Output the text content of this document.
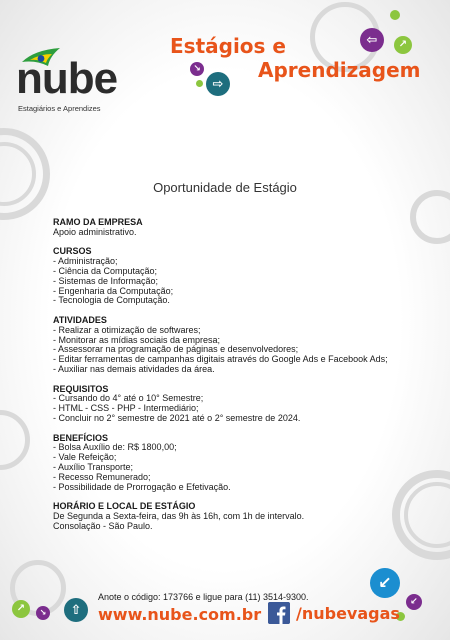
⇦	↗
↘
⇨
↙
↙
↗	↘	⇧
nube
Estagiários e Aprendizes
Estágios e
Aprendizagem
Oportunidade de Estágio
RAMO DA EMPRESA
Apoio administrativo.
CURSOS
- Administração;
- Ciência da Computação;
- Sistemas de Informação;
- Engenharia da Computação;
- Tecnologia de Computação.
ATIVIDADES
- Realizar a otimização de softwares;
- Monitorar as mídias sociais da empresa;
- Assessorar na programação de páginas e desenvolvedores;
- Editar ferramentas de campanhas digitais através do Google Ads e Facebook Ads;
- Auxiliar nas demais atividades da área.
REQUISITOS
- Cursando do 4° até o 10° Semestre;
- HTML - CSS - PHP - Intermediário;
- Concluir no 2° semestre de 2021 até o 2° semestre de 2024.
BENEFÍCIOS
- Bolsa Auxílio de: R$ 1800,00;
- Vale Refeição;
- Auxílio Transporte;
- Recesso Remunerado;
- Possibilidade de Prorrogação e Efetivação.
HORÁRIO E LOCAL DE ESTÁGIO
De Segunda a Sexta-feira, das 9h às 16h, com 1h de intervalo.
Consolação - São Paulo.
Anote o código: 173766 e ligue para (11) 3514-9300.
www.nube.com.br /nubevagas
